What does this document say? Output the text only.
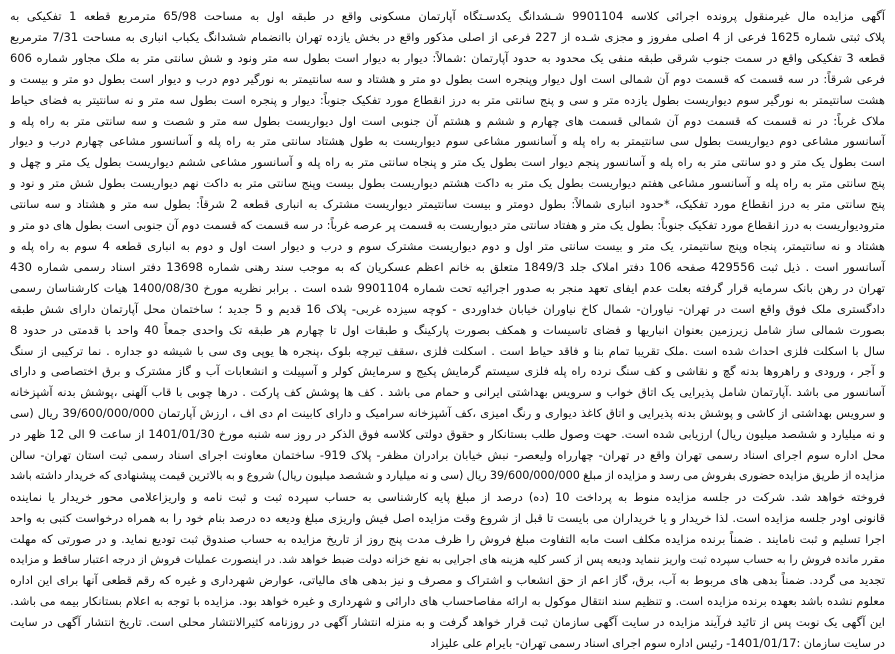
آگهی مزایده مال غیرمنقول پرونده اجرائی کلاسه 9901104 شـشدانگ یکدسـتگاه آپارتمان مسکونی واقع در طبقه اول به مساحت 65/98 مترمربع قطعه 1 تفکیکی به
پلاک ثبتی شماره 1625 فرعی از 4 اصلی مفروز و مجزی شـده از 227 فرعی از اصلی مذکور واقع در بخش یازده تهران باانضمام ششدانگ یکباب انباری به مساحت 7/31 مترمربع
قطعه 3 تفکیکی واقع در سمت جنوب شرقی طبقه منفی یک محدود به حدود آپارتمان :شمالاً: دیوار به دیوار است بطول سه متر ونود و شش سانتی متر به ملک مجاور شماره 606
فرعی شرقاً: در سه قسمت که قسمت دوم آن شمالی است اول دیوار وپنجره است بطول دو متر و هشتاد و سه سانتیمتر به نورگیر دوم درب و دیوار است بطول دو متر و بیست و
هشت سانتیمتر به نورگیر سوم دیواریست بطول یازده متر و سی و پنج سانتی متر به درز انقطاع مورد تفکیک جنوباً: دیوار و پنجره است بطول سه متر و نه سانتیتر به فضای حیاط
ملاک غرباً: در نه قسمت که قسمت دوم آن شمالی قسمت های چهارم و ششم و هشتم آن جنوبی است اول دیواریست بطول سه متر و شصت و سه سانتی متر به راه پله و
آسانسور مشاعی دوم دیواریست بطول سی سانتیمتر به راه پله و آسانسور مشاعی سوم دیواریست به طول هشتاد سانتی متر به راه پله و آسانسور مشاعی چهارم درب و دیوار
است بطول یک متر و دو سانتی متر به راه پله و آسانسور پنجم دیوار است بطول یک متر و پنجاه سانتی متر به راه پله و آسانسور مشاعی ششم دیواریست بطول یک متر و چهل و
پنج سانتی متر به راه پله و آسانسور مشاعی هفتم دیواریست بطول یک متر به داکت هشتم دیواریست بطول بیست وپنج سانتی متر به داکت نهم دیواریست بطول شش متر و نود و
پنج سانتی متر به درز انقطاع مورد تفکیک، *حدود انباری شمالاً: بطول دومتر و بیست سانتیمتر دیواریست مشترک به انباری قطعه 2 شرقاً: بطول سه متر و هشتاد و سه سانتی
مترودیواریست به درز انقطاع مورد تفکیک جنوباً: بطول یک متر و هفتاد سانتی متر دیواریست به قسمت پر عرصه غرباً: در سه قسمت که قسمت دوم آن جنوبی است بطول های دو متر و
هشتاد و نه سانتیمتر، پنجاه وپنج سانتیمتر، یک متر و بیست سانتی متر اول و دوم دیواریست مشترک سوم و درب و دیوار است اول و دوم به انباری قطعه 4 سوم به راه پله و
آسانسور است . ذیل ثبت 429556 صفحه 106 دفتر املاک جلد 1849/3 متعلق به خانم اعظم عسکریان که به موجب سند رهنی شماره 13698 دفتر اسناد رسمی شماره 430
تهران در رهن بانک سرمایه قرار گرفته بعلت عدم ایفای تعهد منجر به صدور اجرائیه تحت شماره 9901104 شده است . برابر نظریه مورخ 1400/08/30 هیات کارشناسان رسمی
دادگستری ملک فوق واقع است در تهران- نیاوران- شمال کاخ نیاوران خیابان خداوردی - کوچه سیزده غربی- پلاک 16 قدیم و 5 جدید ؛ ساختمان محل آپارتمان دارای شش طبقه
بصورت شمالی ساز شامل زیرزمین بعنوان انباریها و فضای تاسیسات و همکف بصورت پارکینگ و طبقات اول تا چهارم هر طبقه تک واحدی جمعاً 40 واحد با قدمتی در حدود 8
سال با اسکلت فلزی احداث شده است .ملک تقریبا تمام بنا و فاقد حیاط است . اسکلت فلزی ،سقف تیرچه بلوک ،پنجره ها یوپی وی سی با شیشه دو جداره . نما ترکیبی از سنگ
و آجر ، ورودی و راهروها بدنه گچ و نقاشی و کف سنگ نرده راه پله فلزی سیستم گرمایش پکیج و سرمایش کولر و آسپیلت و انشعابات آب و گاز مشترک و برق اختصاصی و دارای
آسانسور می باشد .آپارتمان شامل پذیرایی یک اتاق خواب و سرویس بهداشتی ایرانی و حمام می باشد . کف ها پوشش کف پارکت . درها چوبی با قاب آلهنی ،پوشش بدنه آشپزخانه
و سرویس بهداشتی از کاشی و پوشش بدنه پذیرایی و اتاق کاغذ دیواری و رنگ امیزی ،کف آشپزخانه سرامیک و دارای کابینت ام دی اف ، ارزش آپارتمان 39/600/000/000 ریال (سی
و نه میلیارد و ششصد میلیون ریال) ارزیابی شده است. حهت وصول طلب بستانکار و حقوق دولتی کلاسه فوق الذکر در روز سه شنبه مورخ 1401/01/30 از ساعت 9 الی 12 ظهر در
محل اداره سوم اجرای اسناد رسمی تهران واقع در تهران- چهارراه ولیعصر- نبش خیابان برادران مظفر- پلاک 919- ساختمان معاونت اجرای اسناد رسمی ثبت استان تهران- سالن
مزایده از طریق مزایده حضوری بفروش می رسد و مزایده از مبلغ 39/600/000/000 ریال (سی و نه میلیارد و ششصد میلیون ریال) شروع و به بالاترین قیمت پیشنهادی که خریدار داشته باشد
فروخته خواهد شد. شرکت در جلسه مزایده منوط به پرداخت 10 (ده) درصد از مبلغ پایه کارشناسی به حساب سپرده ثبت و ثبت نامه و واریزاعلامی محور خریدار یا نماینده
قانونی اودر جلسه مزایده است. لذا خریدار و یا خریداران می بایست تا قبل از شروع وقت مزایده اصل فیش واریزی مبلغ ودیعه ده درصد بنام خود را به همراه درخواست کتبی به واحد
اجرا تسلیم و ثبت نامایند . ضمناً برنده مزایده مکلف است مابه التفاوت مبلغ فروش را ظرف مدت پنج روز از تاریخ مزایده به حساب صندوق ثبت تودیع نماید. و در صورتی که مهلت
مقرر مانده فروش را به حساب سپرده ثبت واریز ننماید ودیعه پس از کسر کلیه هزینه های اجرایی به نفع خزانه دولت ضبط خواهد شد. در اینصورت عملیات فروش از درجه اعتبار ساقط و مزایده
تجدید می گردد. ضمناً بدهی های مربوط به آب، برق، گاز اعم از حق انشعاب و اشتراک و مصرف و نیز بدهی های مالیاتی، عوارض شهرداری و غیره که رقم قطعی آنها برای این اداره
معلوم نشده باشد بعهده برنده مزایده است. و تنظیم سند انتقال موکول به ارائه مفاصاحساب های دارائی و شهرداری و غیره خواهد بود. مزایده با توجه به اعلام بستانکار بیمه می باشد.
این آگهی یک نوبت پس از تائید فرآیند مزایده در سایت آگهی سازمان ثبت قرار خواهد گرفت و به منزله انتشار آگهی در روزنامه کثیرالانتشار محلی است. تاریخ انتشار آگهی در سایت
در سایت سازمان :1401/01/17- رئیس اداره سوم اجرای اسناد رسمی تهران- بایرام علی علیزاد
